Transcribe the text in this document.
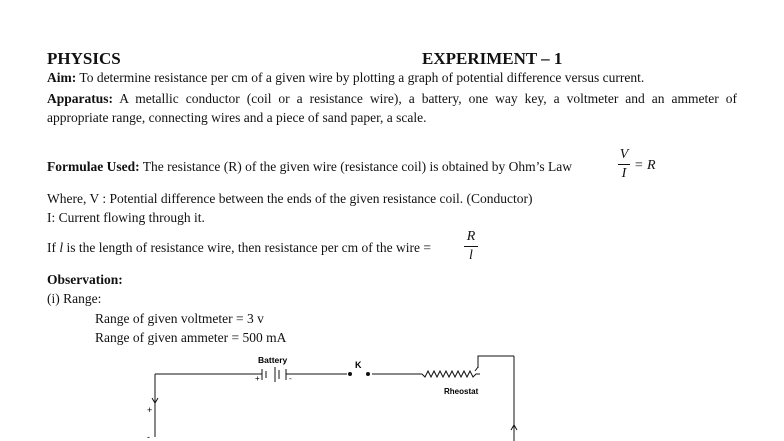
PHYSICS	EXPERIMENT – 1
Aim: To determine resistance per cm of a given wire by plotting a graph of potential difference versus current.
Apparatus: A metallic conductor (coil or a resistance wire), a battery, one way key, a voltmeter and an ammeter of
appropriate range, connecting wires and a piece of sand paper, a scale.
Formulae Used: The resistance (R) of the given wire (resistance coil) is obtained by Ohm’s Law
V
I
= R
Where, V : Potential difference between the ends of the given resistance coil. (Conductor)
I: Current flowing through it.
If l is the length of resistance wire, then resistance per cm of the wire =
R
l
Observation:
(i) Range:
Range of given voltmeter = 3 v
Range of given ammeter = 500 mA
Battery	K
Rheostat
+	-
+
-
